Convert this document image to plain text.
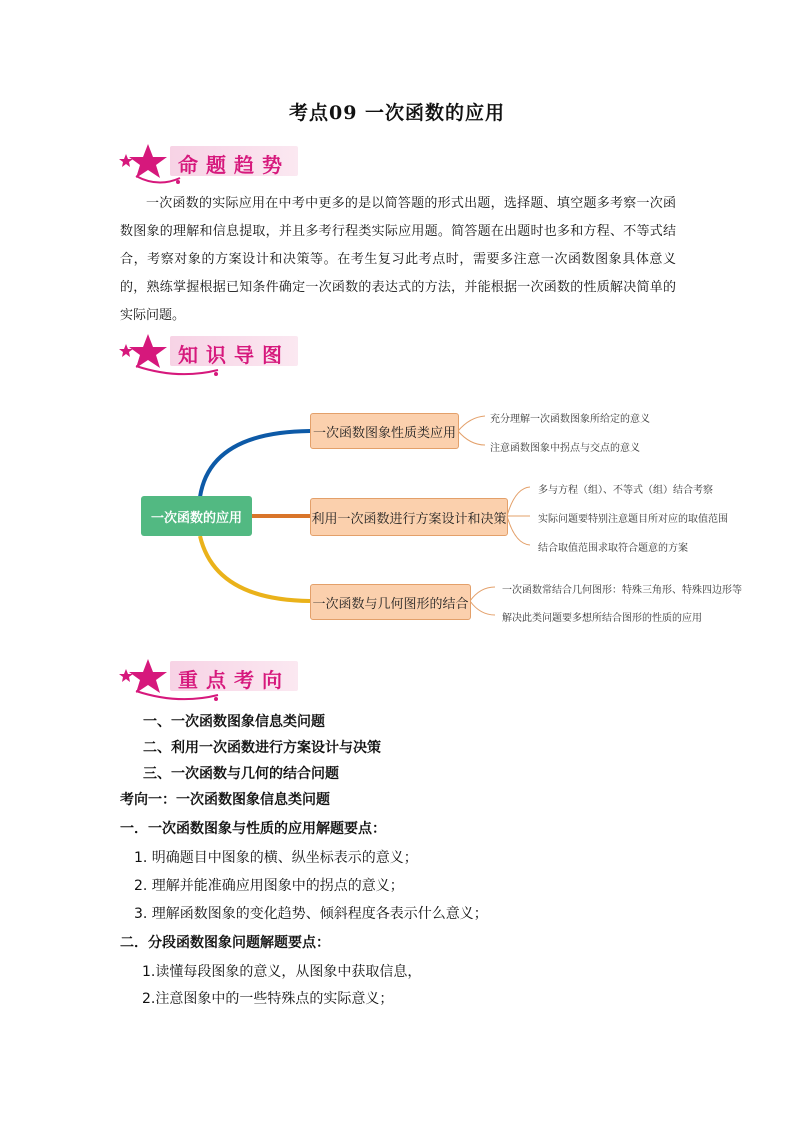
考点09 一次函数的应用
命题趋势
一次函数的实际应用在中考中更多的是以简答题的形式出题，选择题、填空题多考察一次函数图象的理解和信息提取，并且多考行程类实际应用题。简答题在出题时也多和方程、不等式结合，考察对象的方案设计和决策等。在考生复习此考点时，需要多注意一次函数图象具体意义的，熟练掌握根据已知条件确定一次函数的表达式的方法，并能根据一次函数的性质解决简单的实际问题。
知识导图
一次函数的应用
一次函数图象性质类应用
利用一次函数进行方案设计和决策
一次函数与几何图形的结合
充分理解一次函数图象所给定的意义
注意函数图象中拐点与交点的意义
多与方程（组）、不等式（组）结合考察
实际问题要特别注意题目所对应的取值范围
结合取值范围求取符合题意的方案
一次函数常结合几何图形：特殊三角形、特殊四边形等
解决此类问题要多想所结合图形的性质的应用
重点考向
一、一次函数图象信息类问题
二、利用一次函数进行方案设计与决策
三、一次函数与几何的结合问题
考向一：一次函数图象信息类问题
一．一次函数图象与性质的应用解题要点：
1. 明确题目中图象的横、纵坐标表示的意义；
2. 理解并能准确应用图象中的拐点的意义；
3. 理解函数图象的变化趋势、倾斜程度各表示什么意义；
二．分段函数图象问题解题要点：
1.读懂每段图象的意义，从图象中获取信息，
2.注意图象中的一些特殊点的实际意义；
